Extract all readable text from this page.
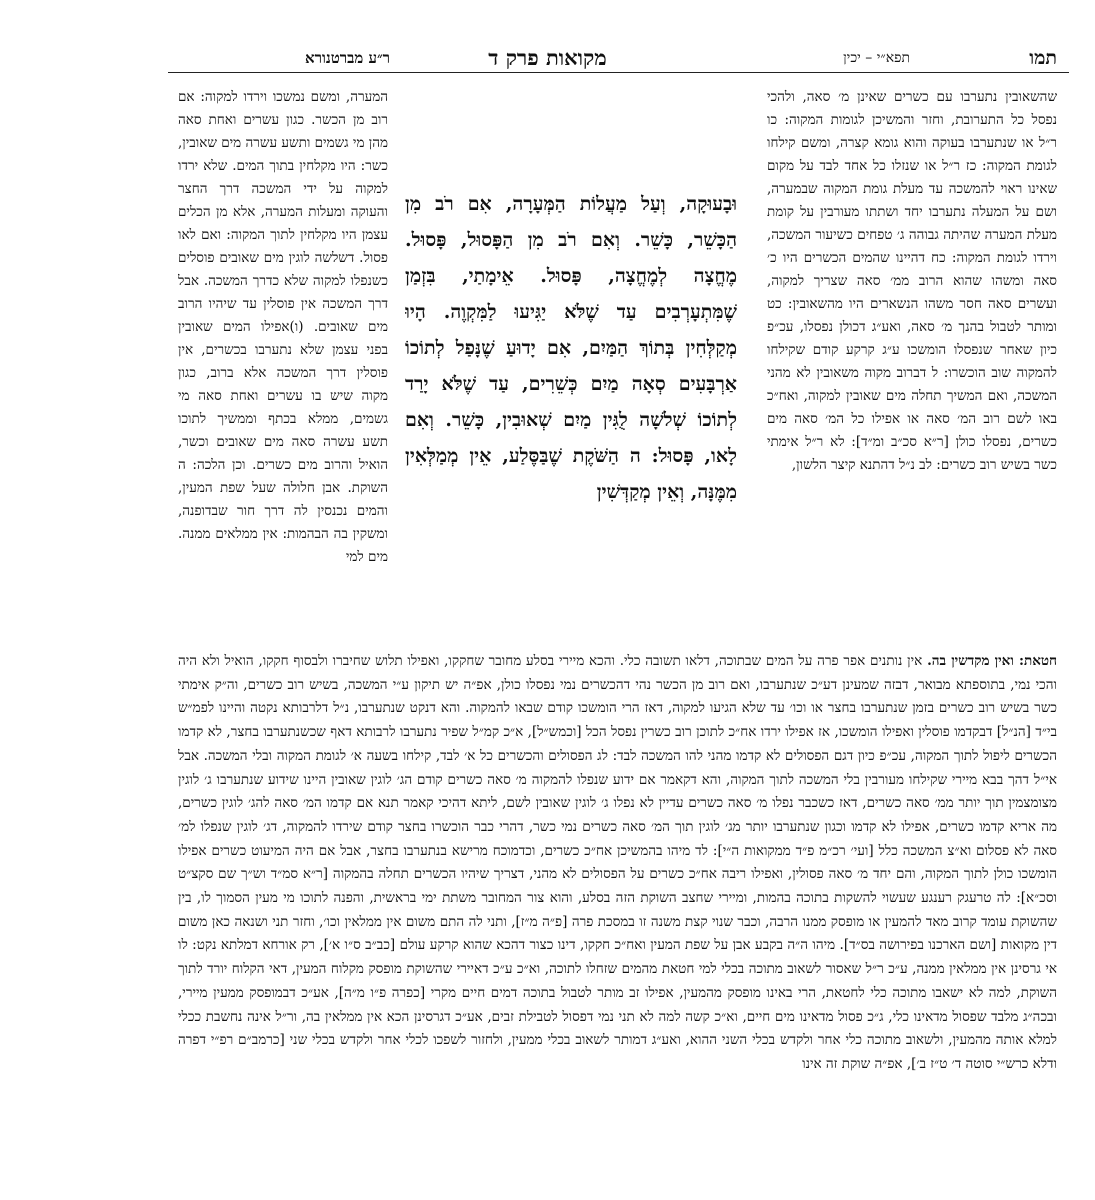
תמו
תפא״י – יכין
מקואות פרק ד
ר״ע מברטנורא
שהשאובין נתערבו עם כשרים שאינן מ׳ סאה, ולהכי נפסל כל התערובת, וחזר והמשיכן לגומות המקוה: כו ר״ל או שנתערבו בעוקה והוא גומא קצרה, ומשם קילחו לגומת המקוה: כז ר״ל או שנזלו כל אחד לבד על מקום שאינו ראוי להמשכה עד מעלת גומת המקוה שבמערה, ושם על המעלה נתערבו יחד ושתתו מעורבין על קומת מעלת המערה שהיתה גבוהה ג׳ טפחים כשיעור המשכה, וירדו לגומת המקוה: כח דהיינו שהמים הכשרים היו כ׳ סאה ומשהו שהוא הרוב ממ׳ סאה שצריך למקוה, ועשרים סאה חסר משהו הנשארים היו מהשאובין: כט ומותר לטבול בהנך מ׳ סאה, ואע״ג דכולן נפסלו, עכ״פ כיון שאחר שנפסלו הומשכו ע״ג קרקע קודם שקילחו להמקוה שוב הוכשרו: ל דברוב מקוה משאובין לא מהני המשכה, ואם המשיך תחלה מים שאובין למקוה, ואח״כ באו לשם רוב המ׳ סאה או אפילו כל המ׳ סאה מים כשרים, נפסלו כולן [ר״א סכ״ב ומ״ד]: לא ר״ל אימתי כשר בשיש רוב כשרים: לב נ״ל דהתנא קיצר הלשון,
המערה, ומשם נמשכו וירדו למקוה: אם רוב מן הכשר. כגון עשרים ואחת סאה מהן מי גשמים ותשע עשרה מים שאובין, כשר: היו מקלחין בתוך המים. שלא ירדו למקוה על ידי המשכה דרך החצר והעוקה ומעלות המערה, אלא מן הכלים עצמן היו מקלחין לתוך המקוה: ואם לאו פסול. דשלשה לוגין מים שאובים פוסלים כשנפלו למקוה שלא כדרך המשכה. אבל דרך המשכה אין פוסלין עד שיהיו הרוב מים שאובים. (ו)אפילו המים שאובין בפני עצמן שלא נתערבו בכשרים, אין פוסלין דרך המשכה אלא ברוב, כגון מקוה שיש בו עשרים ואחת סאה מי גשמים, ממלא בכתף וממשיך לתוכו תשע עשרה סאה מים שאובים וכשר, הואיל והרוב מים כשרים. וכן הלכה: ה השוקת. אבן חלולה שעל שפת המעין, והמים נכנסין לה דרך חור שבדופנה, ומשקין בה הבהמות: אין ממלאים ממנה. מים למי
וּבָעוּקָה, וְעַל מַעֲלוֹת הַמְּעָרָה, אִם רֹב מִן הַכָּשֵׁר, כָּשֵׁר. וְאִם רֹב מִן הַפָּסוּל, פָּסוּל. מֶחֱצָה לְמֶחֱצָה, פָּסוּל. אֵימָתַי, בִּזְמַן שֶׁמִּתְעָרְבִים עַד שֶׁלֹּא יַגִּיעוּ לַמִּקְוֶה. הָיוּ מְקַלְּחִין בְּתוֹךְ הַמַּיִם, אִם יָדוּעַ שֶׁנָּפַל לְתוֹכוֹ אַרְבָּעִים סְאָה מַיִם כְּשֵׁרִים, עַד שֶׁלֹּא יָרַד לְתוֹכוֹ שְׁלשָׁה לֻגִּין מַיִם שְׁאוּבִין, כָּשֵׁר. וְאִם לָאו, פָּסוּל: ה הַשֹּׁקֶת שֶׁבַּסֶּלַע, אֵין מְמַלְּאִין מִמֶּנָּה, וְאֵין מְקַדְּשִׁין
חטאת: ואין מקדשין בה. אין נותנים אפר פרה על המים שבתוכה, דלאו תשובה כלי. והכא מיירי בסלע מחובר שחקקו, ואפילו תלוש שחיברו ולבסוף חקקו, הואיל ולא היה והכי נמי, בתוספתא מבואר, דבזה שמעינן דע״כ שנתערבו, ואם רוב מן הכשר נהי דהכשרים נמי נפסלו כולן, אפ״ה יש תיקון ע״י המשכה, בשיש רוב כשרים, וה״ק אימתי כשר בשיש רוב כשרים בזמן שנתערבו בחצר או וכו׳ עד שלא הגיעו למקוה, דאז הרי הומשכו קודם שבאו להמקוה. והא דנקט שנתערבו, נ״ל דלרבותא נקטה והיינו לפמ״ש בי״ד [הנ״ל] דבקדמו פוסלין ואפילו הומשכו, אז אפילו ירדו אח״כ לתוכן רוב כשרין נפסל הכל [וכמש״ל], א״כ קמ״ל שפיר נתערבו לרבותא דאף שכשנתערבו בחצר, לא קדמו הכשרים ליפול לתוך המקוה, עכ״פ כיון דגם הפסולים לא קדמו מהני להו המשכה לבד: לג הפסולים והכשרים כל א׳ לבד, קילחו בשעה א׳ לגומת המקוה ובלי המשכה. אבל אי״ל דהך בבא מיירי שקילחו מעורבין בלי המשכה לתוך המקוה, והא דקאמר אם ידוע שנפלו להמקוה מ׳ סאה כשרים קודם הג׳ לוגין שאובין היינו שידוע שנתערבו ג׳ לוגין מצומצמין תוך יותר ממ׳ סאה כשרים, דאז כשכבר נפלו מ׳ סאה כשרים עדיין לא נפלו ג׳ לוגין שאובין לשם, ליתא דהיכי קאמר תנא אם קדמו המ׳ סאה להג׳ לוגין כשרים, מה אריא קדמו כשרים, אפילו לא קדמו וכגון שנתערבו יותר מג׳ לוגין תוך המ׳ סאה כשרים נמי כשר, דהרי כבר הוכשרו בחצר קודם שירדו להמקוה, דג׳ לוגין שנפלו למ׳ סאה לא פסלום וא״צ המשכה כלל [ועי׳ רכ״מ פ״ד ממקואות ה״י]: לד מיהו בהמשיכן אח״כ כשרים, וכדמוכח מרישא בנתערבו בחצר, אבל אם היה המיעוט כשרים אפילו הומשכו כולן לתוך המקוה, והם יחד מ׳ סאה פסולין, ואפילו ריבה אח״כ כשרים על הפסולים לא מהני, דצריך שיהיו הכשרים תחלה בהמקוה [ר״א סמ״ד וש״ך שם סקצ״ט וסכ״א]: לה טרעגק רענגע שעשוי להשקות בתוכה בהמות, ומיירי שחצב השוקת הזה בסלע, והוא צור המחובר משתת ימי בראשית, והפנה לתוכו מי מעין הסמוך לו, בין שהשוקת עומד קרוב מאד להמעין או מופסק ממנו הרבה, וכבר שנוי קצת משנה זו במסכת פרה [פ״ה מ״ז], ותני לה התם משום אין ממלאין וכו׳, וחזר תני ושנאה כאן משום דין מקואות [ושם הארכנו בפירושה בס״ד]. מיהו ה״ה בקבע אבן על שפת המעין ואח״כ חקקו, דינו כצור דהכא שהוא קרקע עולם [כב״ב ס״ו א׳], רק אורחא דמלתא נקט: לו אי גרסינן אין ממלאין ממנה, ע״כ ר״ל שאסור לשאוב מתוכה בכלי למי חטאת מהמים שזחלו לתוכה, וא״כ ע״כ דאיירי שהשוקת מופסק מקלוח המעין, דאי הקלוח יורד לתוך השוקת, למה לא ישאבו מתוכה כלי לחטאת, הרי באינו מופסק מהמעין, אפילו זב מותר לטבול בתוכה דמים חיים מקרי [כפרה פ״ו מ״ה], אע״כ דבמופסק ממעין מיירי, ובכה״ג מלבד שפסול מדאינו כלי, ג״כ פסול מדאינו מים חיים, וא״כ קשה למה לא תני נמי דפסול לטבילת זבים, אע״כ דגרסינן הכא אין ממלאין בה, ור״ל אינה נחשבת ככלי למלא אותה מהמעין, ולשאוב מתוכה כלי אחר ולקדש בכלי השני ההוא, ואע״ג דמותר לשאוב בכלי ממעין, ולחזור לשפכו לכלי אחר ולקדש בכלי שני [כרמב״ם רפ״י דפרה ודלא כרש״י סוטה ד׳ ט״ז ב׳], אפ״ה שוקת זה אינו
